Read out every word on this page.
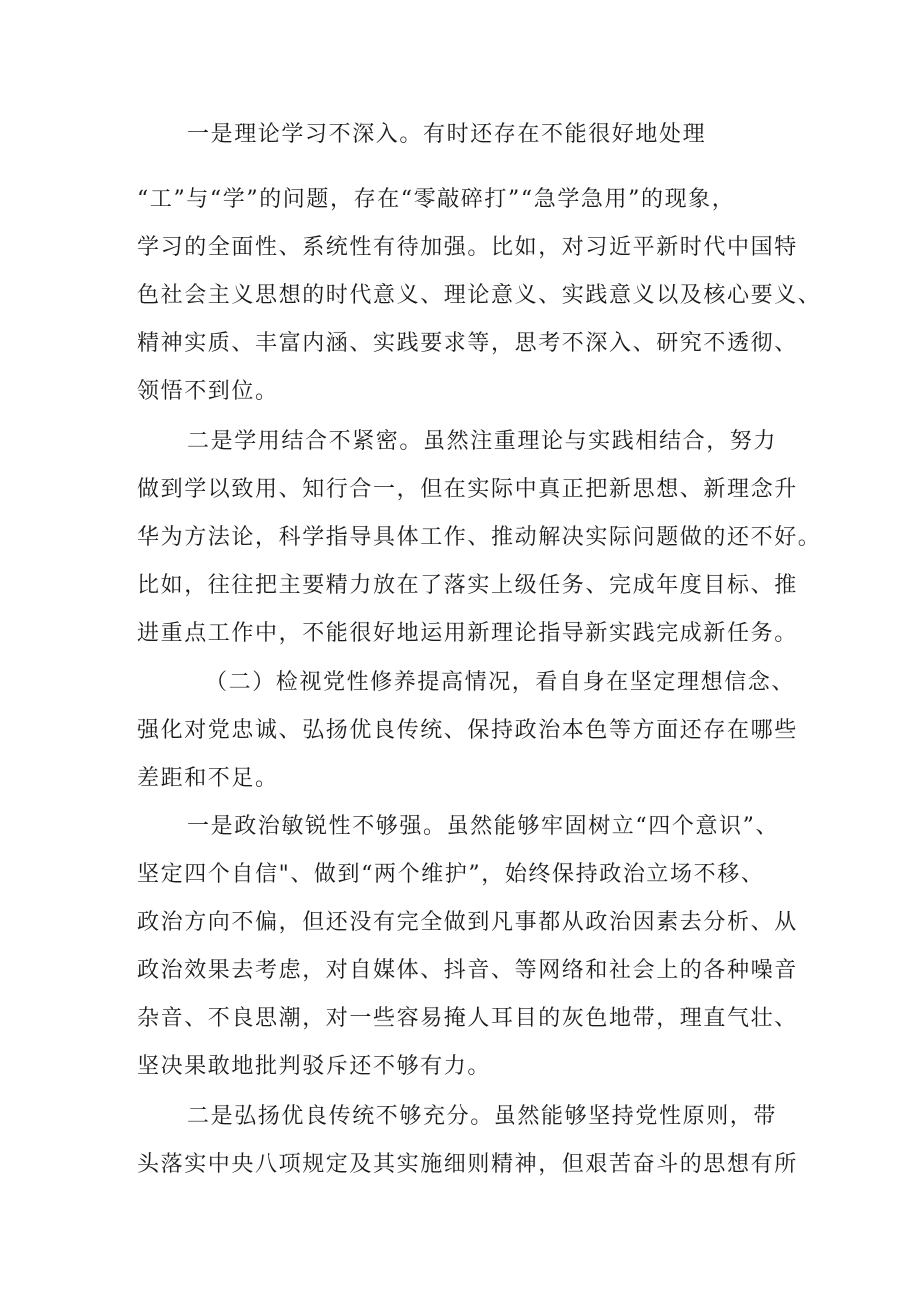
一是理论学习不深入。有时还存在不能很好地处理
“工”与“学”的问题，存在“零敲碎打”“急学急用”的现象，
学习的全面性、系统性有待加强。比如，对习近平新时代中国特
色社会主义思想的时代意义、理论意义、实践意义以及核心要义、
精神实质、丰富内涵、实践要求等，思考不深入、研究不透彻、
领悟不到位。
二是学用结合不紧密。虽然注重理论与实践相结合，努力
做到学以致用、知行合一，但在实际中真正把新思想、新理念升
华为方法论，科学指导具体工作、推动解决实际问题做的还不好。
比如，往往把主要精力放在了落实上级任务、完成年度目标、推
进重点工作中，不能很好地运用新理论指导新实践完成新任务。
（二）检视党性修养提高情况，看自身在坚定理想信念、
强化对党忠诚、弘扬优良传统、保持政治本色等方面还存在哪些
差距和不足。
一是政治敏锐性不够强。虽然能够牢固树立“四个意识”、
坚定四个自信"、做到“两个维护”，始终保持政治立场不移、
政治方向不偏，但还没有完全做到凡事都从政治因素去分析、从
政治效果去考虑，对自媒体、抖音、等网络和社会上的各种噪音
杂音、不良思潮，对一些容易掩人耳目的灰色地带，理直气壮、
坚决果敢地批判驳斥还不够有力。
二是弘扬优良传统不够充分。虽然能够坚持党性原则，带
头落实中央八项规定及其实施细则精神，但艰苦奋斗的思想有所
